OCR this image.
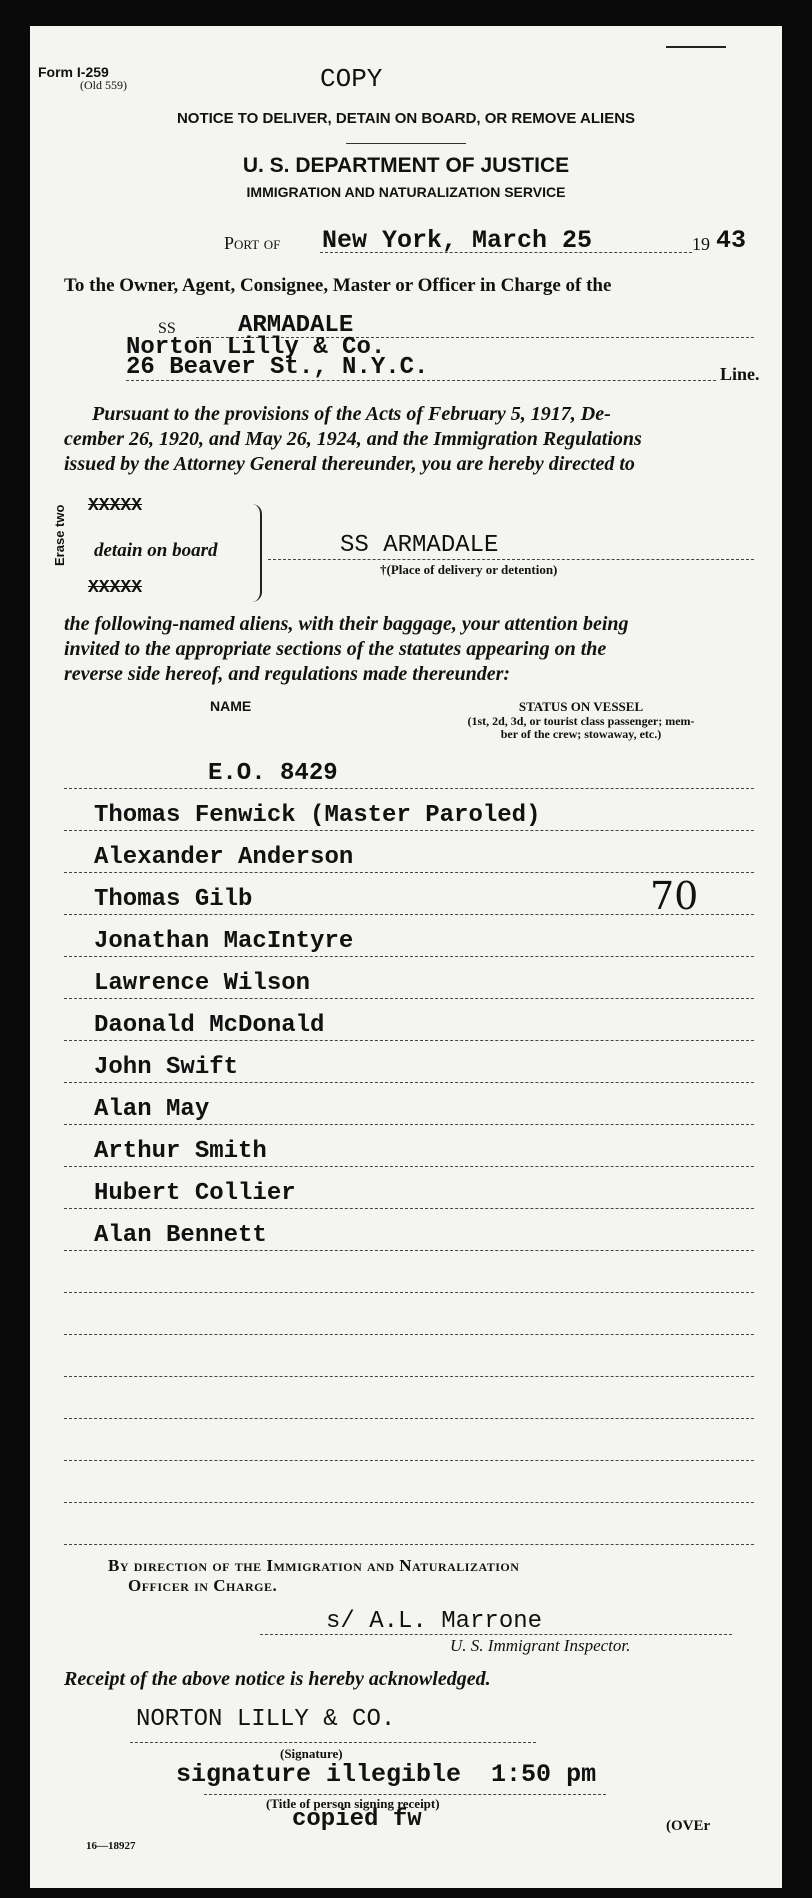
Form I-259
(Old 559)	COPY
NOTICE TO DELIVER, DETAIN ON BOARD, OR REMOVE ALIENS
U. S. DEPARTMENT OF JUSTICE
IMMIGRATION AND NATURALIZATION SERVICE
Port of New York, March 25	19 43
To the Owner, Agent, Consignee, Master or Officer in Charge of the
SS	ARMADALE
Norton Lilly & Co.
26 Beaver St., N.Y.C.	Line.
Pursuant to the provisions of the Acts of February 5, 1917, De-
cember 26, 1920, and May 26, 1924, and the Immigration Regulations
issued by the Attorney General thereunder, you are hereby directed to
Erase two XXXXX
detain on board
XXXXX
SS ARMADALE
†(Place of delivery or detention)
the following-named aliens, with their baggage, your attention being
invited to the appropriate sections of the statutes appearing on the
reverse side hereof, and regulations made thereunder:
NAME	STATUS ON VESSEL
(1st, 2d, 3d, or tourist class passenger; mem-
ber of the crew; stowaway, etc.)
E.O. 8429
Thomas Fenwick (Master Paroled)
Alexander Anderson
Thomas Gilb	70
Jonathan MacIntyre
Lawrence Wilson
Daonald McDonald
John Swift
Alan May
Arthur Smith
Hubert Collier
Alan Bennett
By direction of the Immigration and Naturalization
Officer in Charge.
s/ A.L. Marrone
U. S. Immigrant Inspector.
Receipt of the above notice is hereby acknowledged.
NORTON LILLY & CO.
(Signature)
signature illegible  1:50 pm
(Title of person signing receipt)
copied fw
16—18927
(OVEr
